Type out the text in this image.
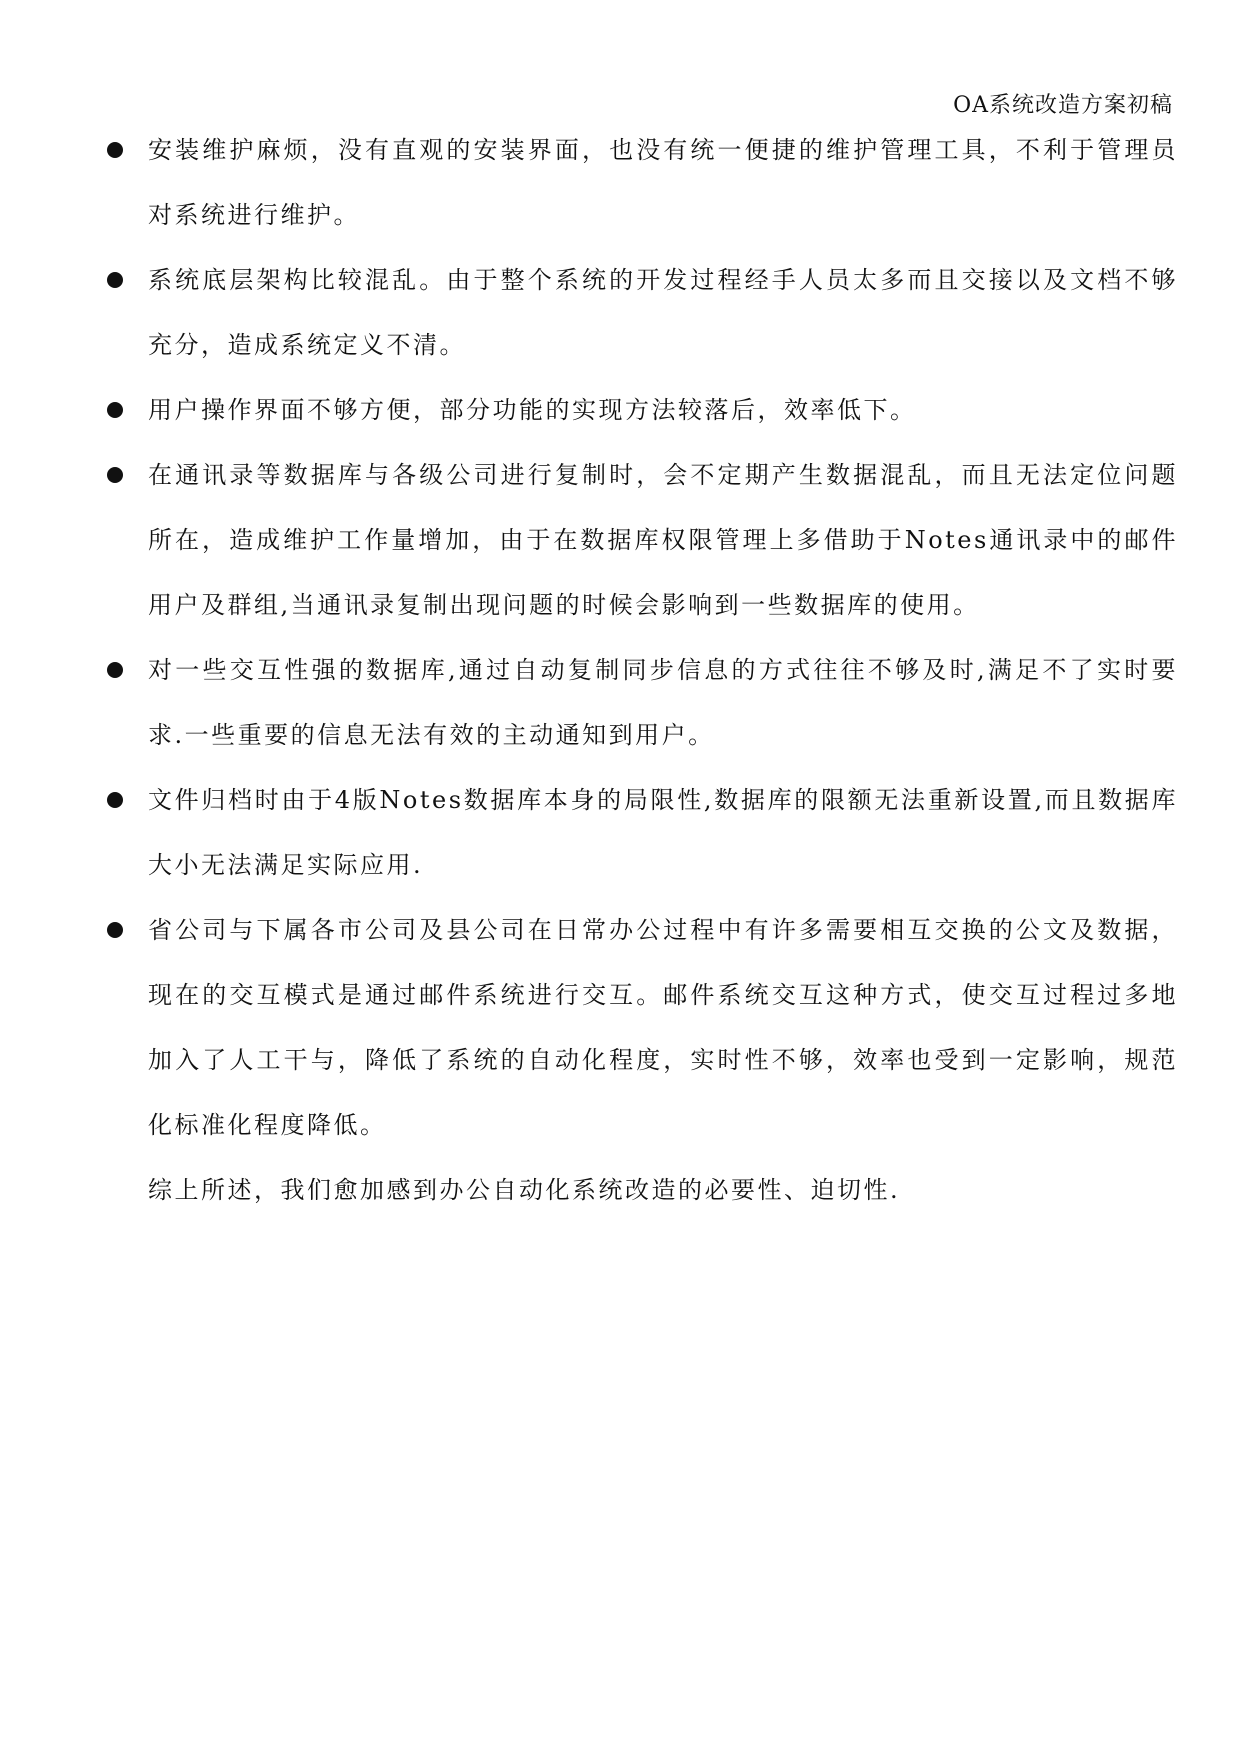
OA系统改造方案初稿
安装维护麻烦，没有直观的安装界面，也没有统一便捷的维护管理工具，不利于管理员对系统进行维护。
系统底层架构比较混乱。由于整个系统的开发过程经手人员太多而且交接以及文档不够充分，造成系统定义不清。
用户操作界面不够方便，部分功能的实现方法较落后，效率低下。
在通讯录等数据库与各级公司进行复制时，会不定期产生数据混乱，而且无法定位问题所在，造成维护工作量增加，由于在数据库权限管理上多借助于Notes通讯录中的邮件用户及群组,当通讯录复制出现问题的时候会影响到一些数据库的使用。
对一些交互性强的数据库,通过自动复制同步信息的方式往往不够及时,满足不了实时要求.一些重要的信息无法有效的主动通知到用户。
文件归档时由于4版Notes数据库本身的局限性,数据库的限额无法重新设置,而且数据库大小无法满足实际应用.
省公司与下属各市公司及县公司在日常办公过程中有许多需要相互交换的公文及数据，现在的交互模式是通过邮件系统进行交互。邮件系统交互这种方式，使交互过程过多地加入了人工干与，降低了系统的自动化程度，实时性不够，效率也受到一定影响，规范化标准化程度降低。

综上所述，我们愈加感到办公自动化系统改造的必要性、迫切性.
